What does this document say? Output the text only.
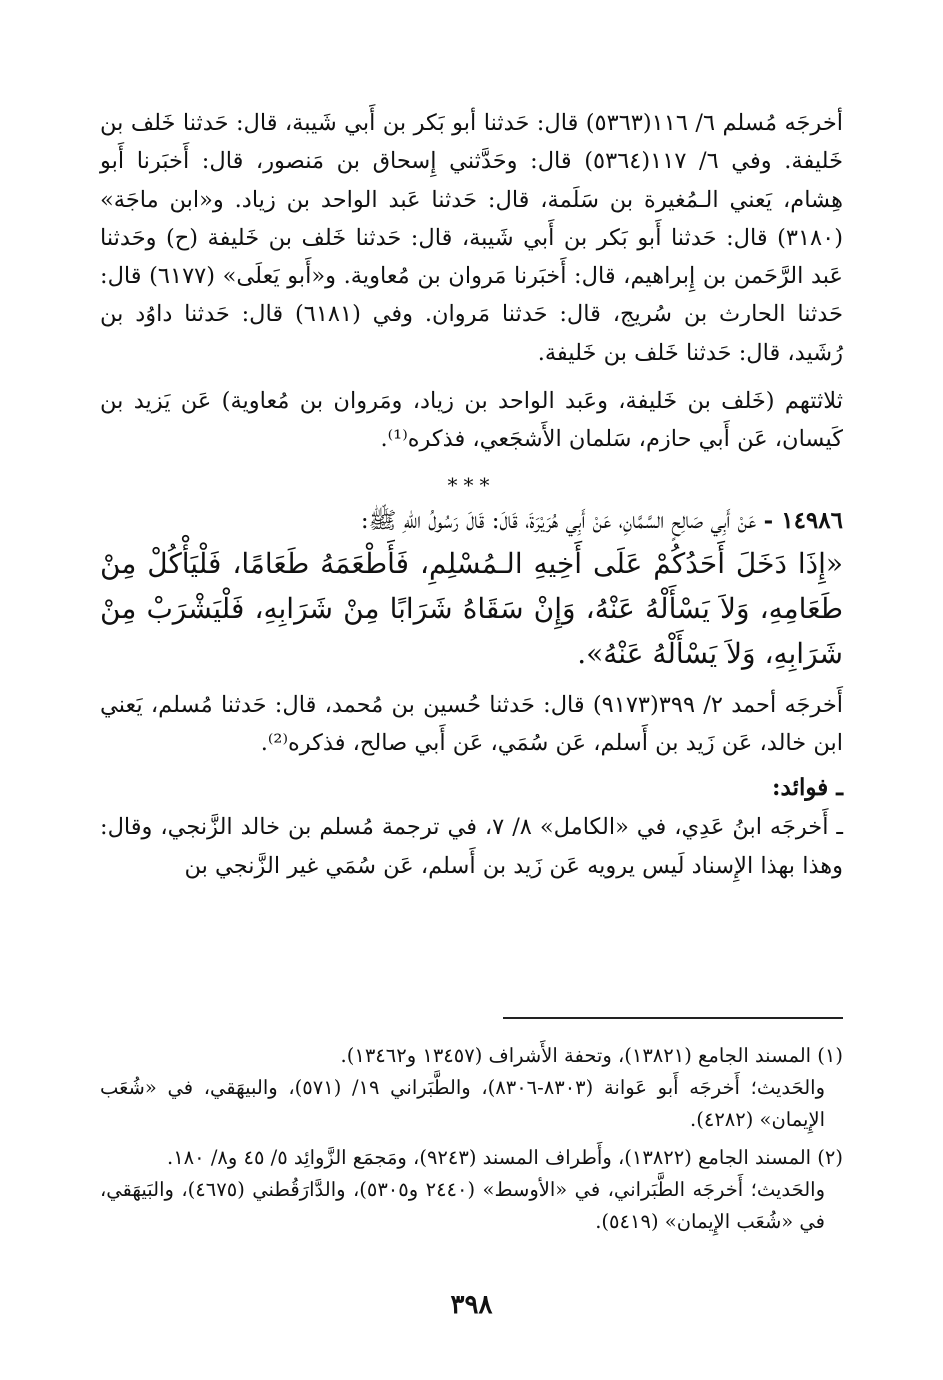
أخرجَه مُسلم ٦/ ١١٦(٥٣٦٣) قال: حَدثنا أبو بَكر بن أَبي شَيبة، قال: حَدثنا خَلف بن خَليفة. وفي ٦/ ١١٧(٥٣٦٤) قال: وحَدَّثني إِسحاق بن مَنصور، قال: أَخبَرنا أَبو هِشام، يَعني الـمُغيرة بن سَلَمة، قال: حَدثنا عَبد الواحد بن زياد. و«ابن ماجَة» (٣١٨٠) قال: حَدثنا أَبو بَكر بن أَبي شَيبة، قال: حَدثنا خَلف بن خَليفة (ح) وحَدثنا عَبد الرَّحَمن بن إِبراهيم، قال: أَخبَرنا مَروان بن مُعاوية. و«أَبو يَعلَى» (٦١٧٧) قال: حَدثنا الحارث بن سُريج، قال: حَدثنا مَروان. وفي (٦١٨١) قال: حَدثنا داوُد بن رُشَيد، قال: حَدثنا خَلف بن خَليفة.

ثلاثتهم (خَلف بن خَليفة، وعَبد الواحد بن زياد، ومَروان بن مُعاوية) عَن يَزيد بن كَيسان، عَن أَبي حازم، سَلمان الأَشجَعي، فذكره⁽¹⁾.

***

١٤٩٨٦ - عَنْ أَبِي صَالِحٍ السَّمَّانِ، عَنْ أَبِي هُرَيْرَةَ، قَالَ: قَالَ رَسُولُ اللهِ ﷺ:

«إِذَا دَخَلَ أَحَدُكُمْ عَلَى أَخِيهِ الـمُسْلِمِ، فَأَطْعَمَهُ طَعَامًا، فَلْيَأْكُلْ مِنْ طَعَامِهِ، وَلاَ يَسْأَلْهُ عَنْهُ، وَإِنْ سَقَاهُ شَرَابًا مِنْ شَرَابِهِ، فَلْيَشْرَبْ مِنْ شَرَابِهِ، وَلاَ يَسْأَلْهُ عَنْهُ».

أَخرجَه أحمد ٢/ ٣٩٩(٩١٧٣) قال: حَدثنا حُسين بن مُحمد، قال: حَدثنا مُسلم، يَعني ابن خالد، عَن زَيد بن أَسلم، عَن سُمَي، عَن أَبي صالح، فذكره⁽²⁾.

ـ فوائد:

ـ أَخرجَه ابنُ عَدِي، في «الكامل» ٨/ ٧، في ترجمة مُسلم بن خالد الزَّنجي، وقال: وهذا بهذا الإِسناد لَيس يرويه عَن زَيد بن أَسلم، عَن سُمَي غير الزَّنجي بن

(١) المسند الجامع (١٣٨٢١)، وتحفة الأَشراف (١٣٤٥٧ و١٣٤٦٢).

والحَديث؛ أَخرجَه أَبو عَوانة (٨٣٠٣-٨٣٠٦)، والطَّبَراني ١٩/ (٥٧١)، والبيهَقي، في «شُعَب الإِيمان» (٤٢٨٢).

(٢) المسند الجامع (١٣٨٢٢)، وأَطراف المسند (٩٢٤٣)، ومَجمَع الزَّوائِد ٥/ ٤٥ و٨/ ١٨٠.

والحَديث؛ أَخرجَه الطَّبَراني، في «الأوسط» (٢٤٤٠ و٥٣٠٥)، والدَّارَقُطني (٤٦٧٥)، والبَيهَقي، في «شُعَب الإِيمان» (٥٤١٩).

٣٩٨
